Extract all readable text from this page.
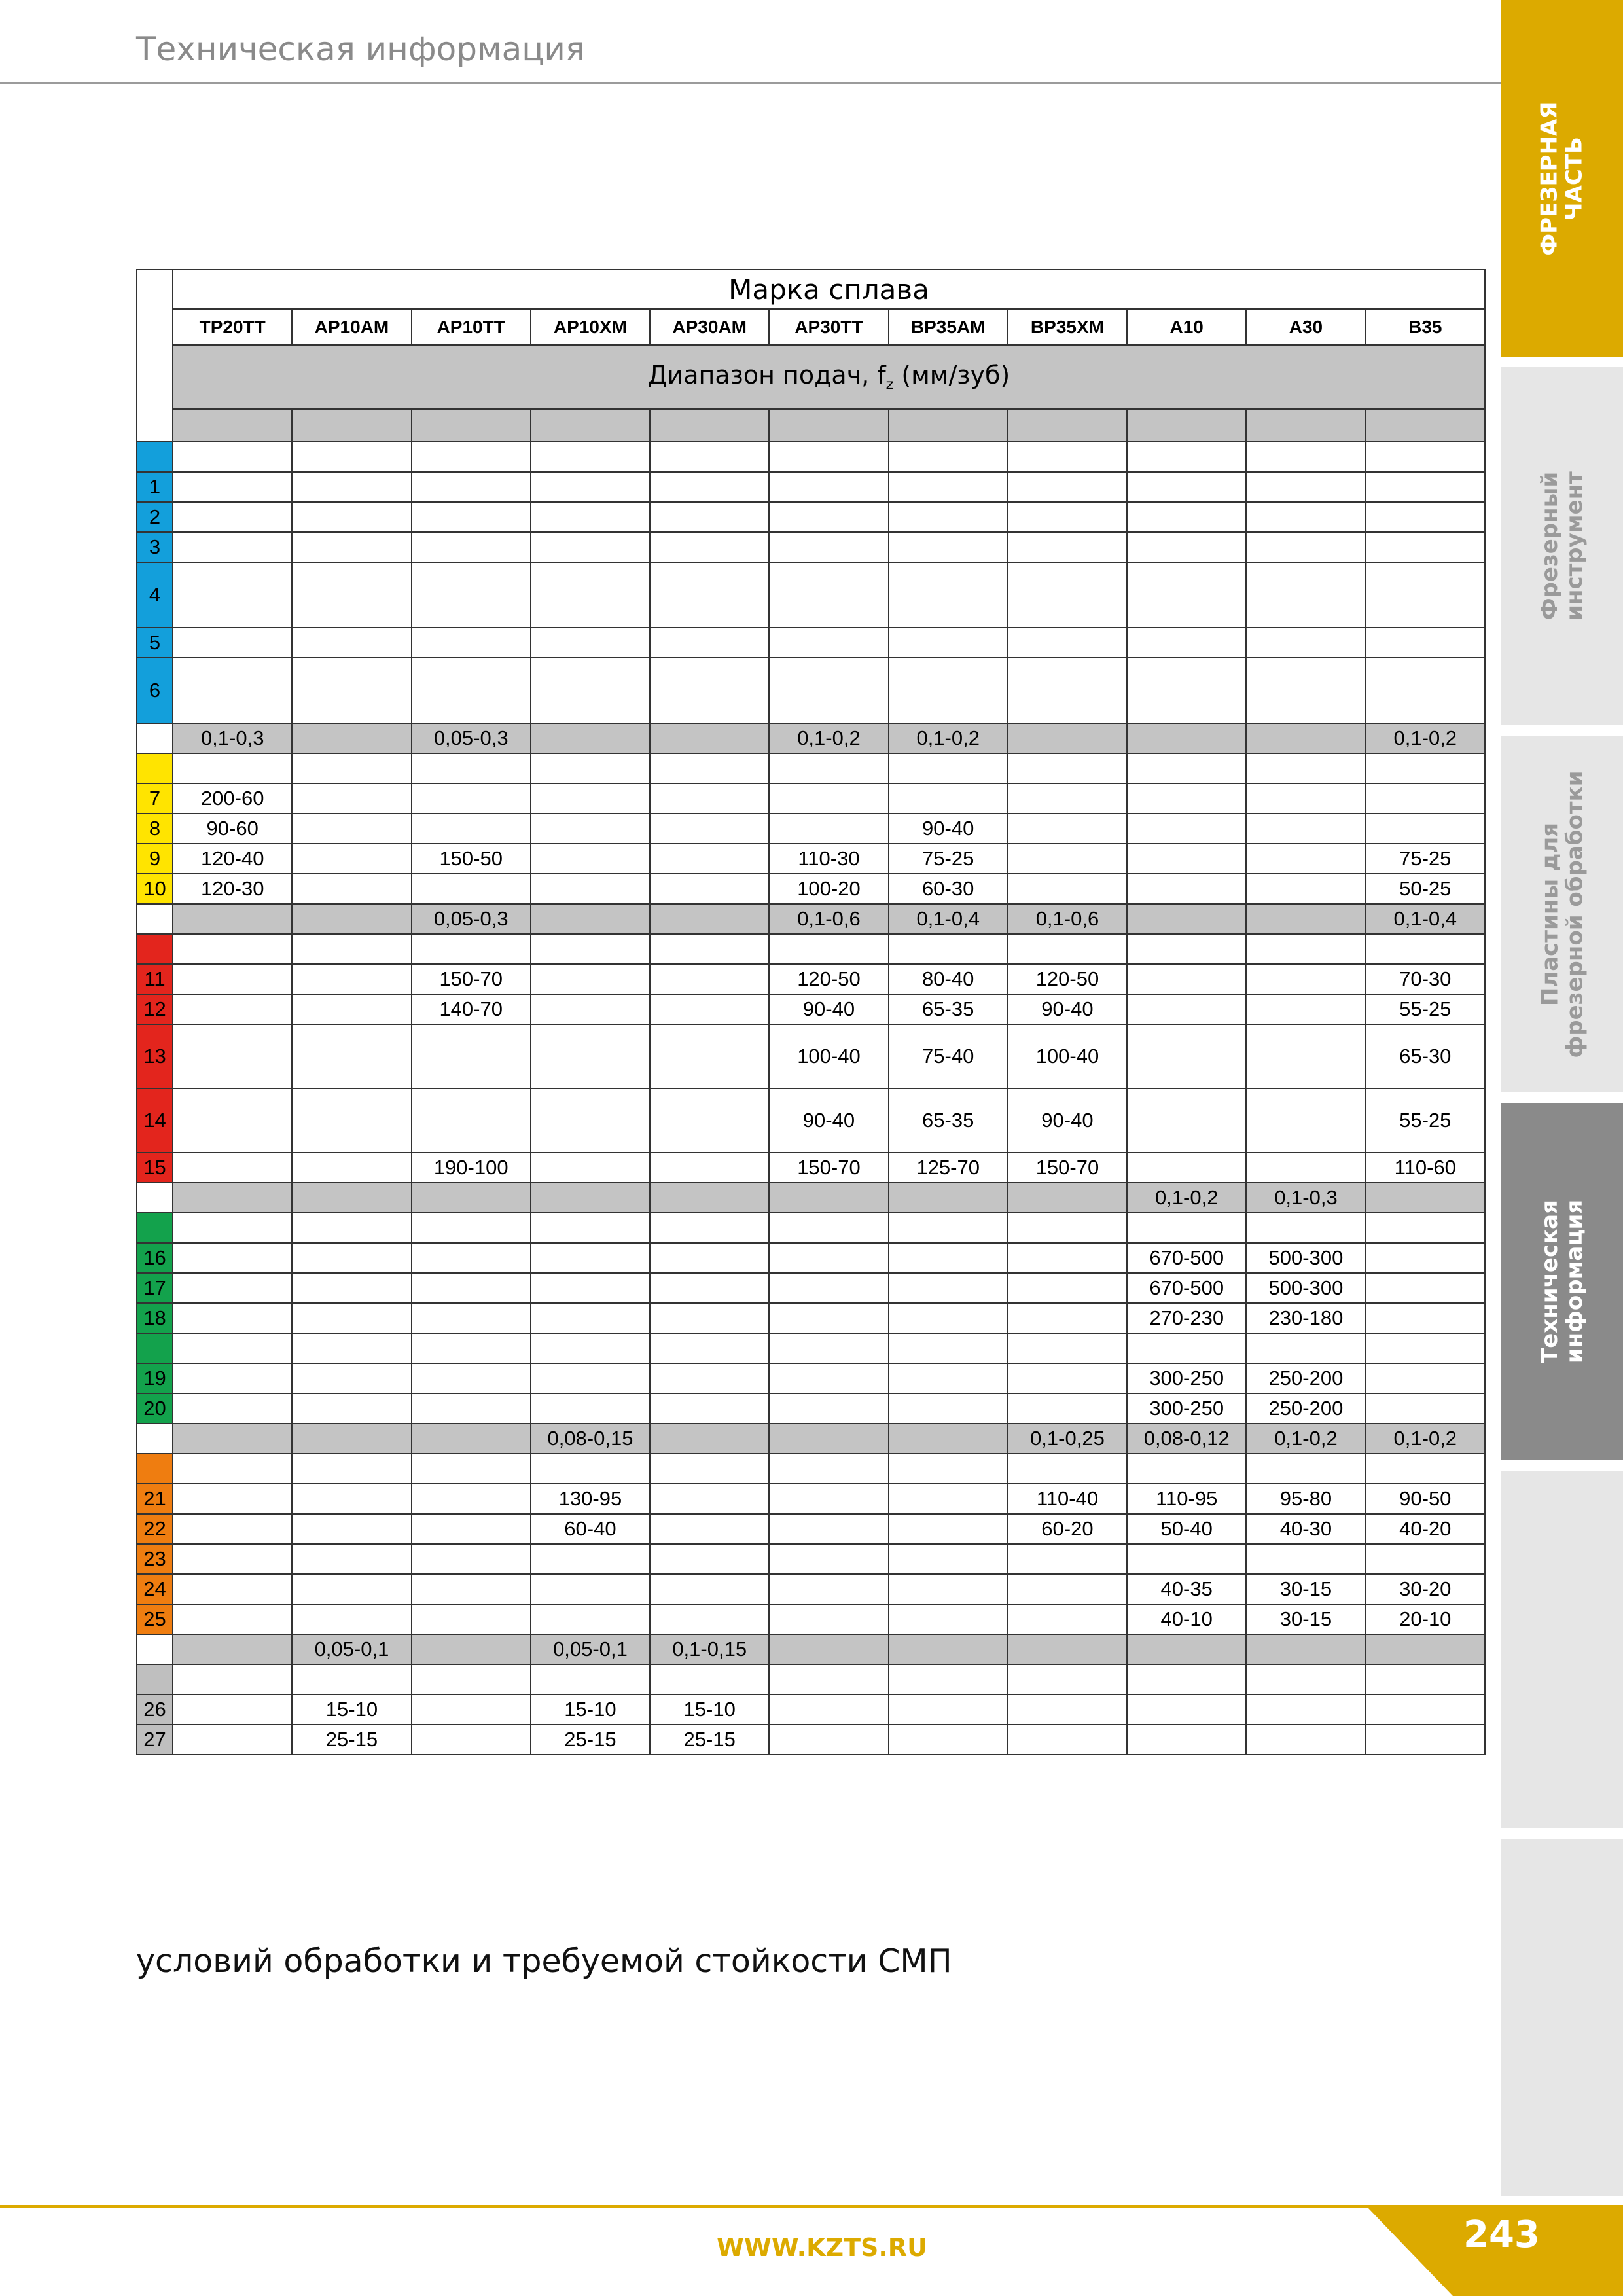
Техническая информация
ФРЕЗЕРНАЯ
ЧАСТЬ
Фрезерный
инструмент
Пластины для
фрезерной обработки
Техническая
информация
	Марка сплава										
	ТР20ТТ	АР10АМ	АР10ТТ	АР10ХМ	АР30АМ	АР30ТТ	ВР35АМ	ВР35ХМ	А10	А30	В35
	Диапазон подач, $f_z$ (мм/зуб)										

1											
2											
3											
4											
5											
6											
	0,1-0,3		0,05-0,3			0,1-0,2	0,1-0,2				0,1-0,2

7	200-60										
8	90-60						90-40				
9	120-40		150-50			110-30	75-25				75-25
10	120-30					100-20	60-30				50-25
			0,05-0,3			0,1-0,6	0,1-0,4	0,1-0,6			0,1-0,4

11			150-70			120-50	80-40	120-50			70-30
12			140-70			90-40	65-35	90-40			55-25
13						100-40	75-40	100-40			65-30
14						90-40	65-35	90-40			55-25
15			190-100			150-70	125-70	150-70			110-60
									0,1-0,2	0,1-0,3	

16									670-500	500-300	
17									670-500	500-300	
18									270-230	230-180	

19									300-250	250-200	
20									300-250	250-200	
				0,08-0,15				0,1-0,25	0,08-0,12	0,1-0,2	0,1-0,2

21				130-95				110-40	110-95	95-80	90-50
22				60-40				60-20	50-40	40-30	40-20
23											
24									40-35	30-15	30-20
25									40-10	30-15	20-10
		0,05-0,1		0,05-0,1	0,1-0,15						

26		15-10		15-10	15-10						
27		25-15		25-15	25-15						
условий обработки и требуемой стойкости СМП
WWW.KZTS.RU	243
